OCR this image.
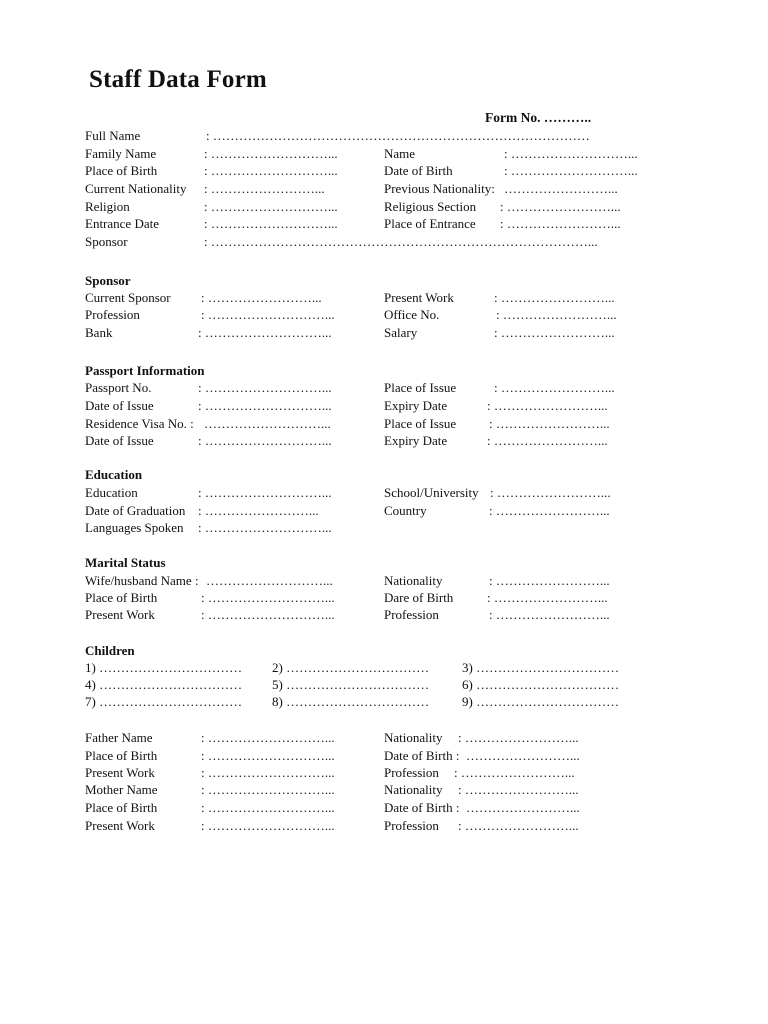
Staff Data Form
Form No. ………..
Full Name	: ……………………………………………………………………………
Family Name	: ………………………...	Name	: ………………………...
Place of Birth	: ………………………...	Date of Birth	: ………………………...
Current Nationality : ……………………...	Previous Nationality: ……………………...
Religion	: ………………………...	Religious Section : ……………………...
Entrance Date	: ………………………...	Place of Entrance : ……………………...
Sponsor	: ……………………………………………………………………………...
Sponsor
Current Sponsor : ……………………...	Present Work	: ……………………...
Profession	: ………………………...	Office No.	: ……………………...
Bank	: ………………………...	Salary	: ……………………...
Passport Information
Passport No.	: ………………………...	Place of Issue	: ……………………...
Date of Issue	: ………………………...	Expiry Date	: ……………………...
Residence Visa No. : ………………………...	Place of Issue	: ……………………...
Date of Issue	: ………………………...	Expiry Date	: ……………………...
Education
Education	: ………………………...	School/University : ……………………...
Date of Graduation : ……………………...	Country	: ……………………...
Languages Spoken : ………………………...
Marital Status
Wife/husband Name : ………………………...	Nationality	: ……………………...
Place of Birth	: ………………………...	Dare of Birth	: ……………………...
Present Work	: ………………………...	Profession	: ……………………...
Children
1) …………………………… 2) ……………………………	3) ……………………………
4) …………………………… 5) ……………………………	6) ……………………………
7) …………………………… 8) ……………………………	9) ……………………………
Father Name	: ………………………...	Nationality : ……………………...
Place of Birth	: ………………………...	Date of Birth : ……………………...
Present Work	: ………………………...	Profession : ……………………...
Mother Name	: ………………………...	Nationality : ……………………...
Place of Birth	: ………………………...	Date of Birth : ……………………...
Present Work	: ………………………...	Profession : ……………………...
